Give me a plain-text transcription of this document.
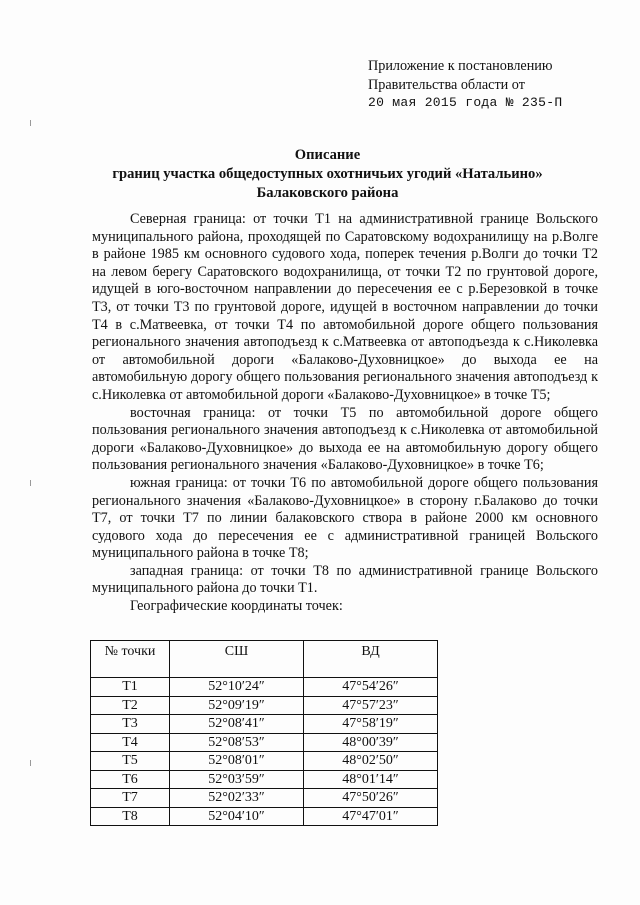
Приложение к постановлению
Правительства области от
20 мая 2015 года № 235-П
Описание
границ участка общедоступных охотничьих угодий «Натальино»
Балаковского района

Северная граница: от точки Т1 на административной границе Вольского муниципального района, проходящей по Саратовскому водохранилищу на р.Волге в районе 1985 км основного судового хода, поперек течения р.Волги до точки Т2 на левом берегу Саратовского водохранилища, от точки Т2 по грунтовой дороге, идущей в юго-восточном направлении до пересечения ее с р.Березовкой в точке Т3, от точки Т3 по грунтовой дороге, идущей в восточном направлении до точки Т4 в с.Матвеевка, от точки Т4 по автомобильной дороге общего пользования регионального значения автоподъезд к с.Матвеевка от автоподъезда к с.Николевка от автомобильной дороги «Балаково-Духовницкое» до выхода ее на автомобильную дорогу общего пользования регионального значения автоподъезд к с.Николевка от автомобильной дороги «Балаково-Духовницкое» в точке Т5;

восточная граница: от точки Т5 по автомобильной дороге общего пользования регионального значения автоподъезд к с.Николевка от автомобильной дороги «Балаково-Духовницкое» до выхода ее на автомобильную дорогу общего пользования регионального значения «Балаково-Духовницкое» в точке Т6;

южная граница: от точки Т6 по автомобильной дороге общего пользования регионального значения «Балаково-Духовницкое» в сторону г.Балаково до точки Т7, от точки Т7 по линии балаковского створа в районе 2000 км основного судового хода до пересечения ее с административной границей Вольского муниципального района в точке Т8;

западная граница: от точки Т8 по административной границе Вольского муниципального района до точки Т1.

Географические координаты точек:

№ точки	СШ	ВД
Т1	52°10′24″	47°54′26″
Т2	52°09′19″	47°57′23″
Т3	52°08′41″	47°58′19″
Т4	52°08′53″	48°00′39″
Т5	52°08′01″	48°02′50″
Т6	52°03′59″	48°01′14″
Т7	52°02′33″	47°50′26″
Т8	52°04′10″	47°47′01″
